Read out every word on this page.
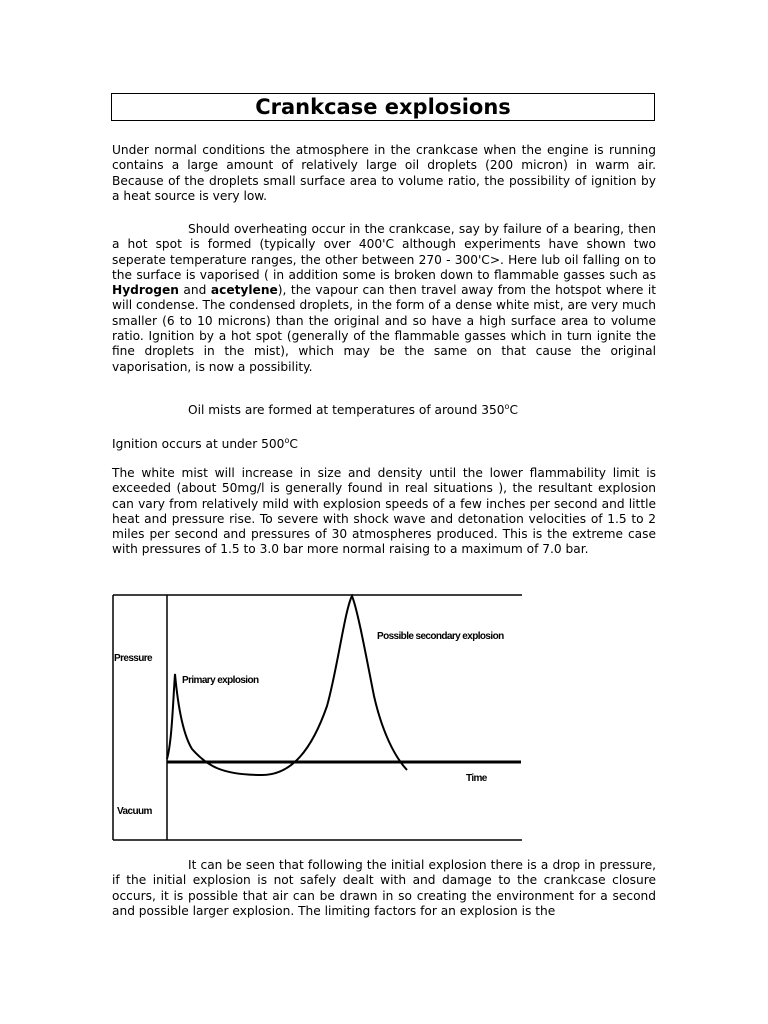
Crankcase explosions

Under normal conditions the atmosphere in the crankcase when the engine is running contains a large amount of relatively large oil droplets (200 micron) in warm air. Because of the droplets small surface area to volume ratio, the possibility of ignition by a heat source is very low.

Should overheating occur in the crankcase, say by failure of a bearing, then a hot spot is formed (typically over 400'C although experiments have shown two seperate temperature ranges, the other between 270 - 300'C>. Here lub oil falling on to the surface is vaporised ( in addition some is broken down to flammable gasses such as Hydrogen and acetylene), the vapour can then travel away from the hotspot where it will condense. The condensed droplets, in the form of a dense white mist, are very much smaller (6 to 10 microns) than the original and so have a high surface area to volume ratio. Ignition by a hot spot (generally of the flammable gasses which in turn ignite the fine droplets in the mist), which may be the same on that cause the original vaporisation, is now a possibility.

Oil mists are formed at temperatures of around 350$^o$C

Ignition occurs at under 500$^o$C

The white mist will increase in size and density until the lower flammability limit is exceeded (about 50mg/l is generally found in real situations ), the resultant explosion can vary from relatively mild with explosion speeds of a few inches per second and little heat and pressure rise. To severe with shock wave and detonation velocities of 1.5 to 2 miles per second and pressures of 30 atmospheres produced. This is the extreme case with pressures of 1.5 to 3.0 bar more normal raising to a maximum of 7.0 bar.

Pressure
Vacuum
Time
Primary explosion
Possible secondary explosion

It can be seen that following the initial explosion there is a drop in pressure, if the initial explosion is not safely dealt with and damage to the crankcase closure occurs, it is possible that air can be drawn in so creating the environment for a second and possible larger explosion. The limiting factors for an explosion is the
